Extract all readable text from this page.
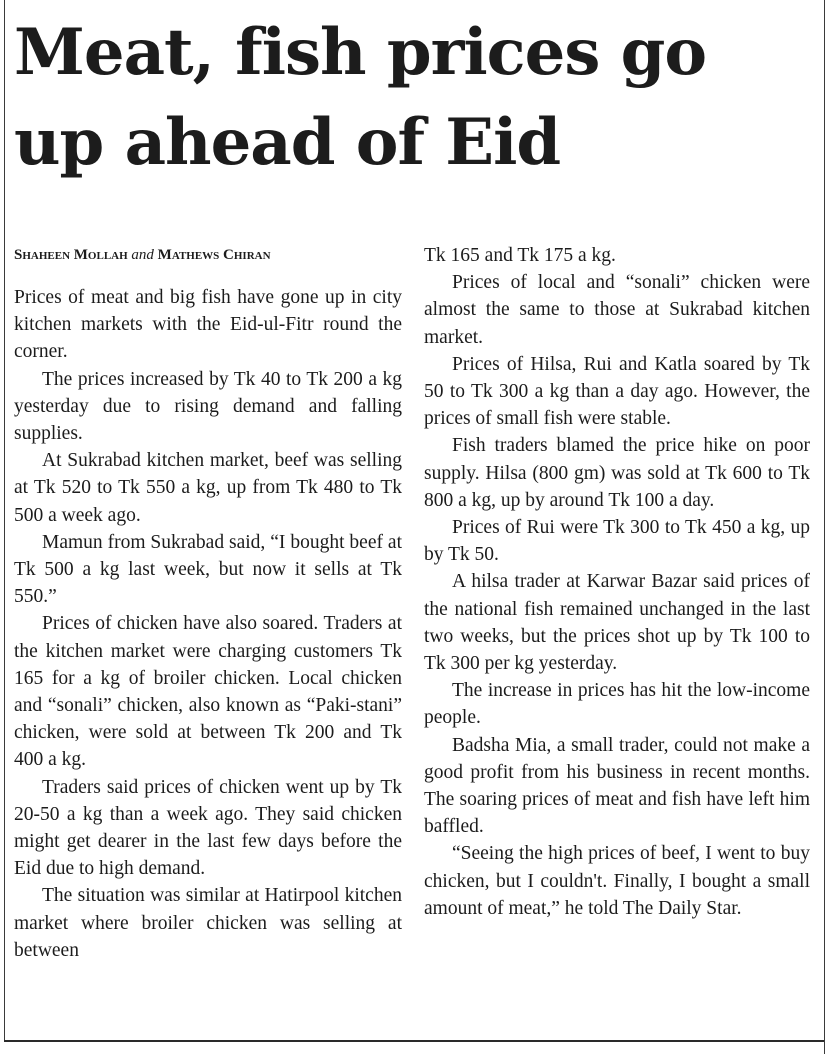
Meat, fish prices go up ahead of Eid
Shaheen Mollah and Mathews Chiran

Prices of meat and big fish have gone up in city kitchen markets with the Eid-ul-Fitr round the corner.

The prices increased by Tk 40 to Tk 200 a kg yesterday due to rising demand and falling supplies.

At Sukrabad kitchen market, beef was selling at Tk 520 to Tk 550 a kg, up from Tk 480 to Tk 500 a week ago.

Mamun from Sukrabad said, “I bought beef at Tk 500 a kg last week, but now it sells at Tk 550.”

Prices of chicken have also soared. Traders at the kitchen market were charging customers Tk 165 for a kg of broiler chicken. Local chicken and “sonali” chicken, also known as “Paki-stani” chicken, were sold at between Tk 200 and Tk 400 a kg.

Traders said prices of chicken went up by Tk 20-50 a kg than a week ago. They said chicken might get dearer in the last few days before the Eid due to high demand.

The situation was similar at Hatirpool kitchen market where broiler chicken was selling at between

Tk 165 and Tk 175 a kg.

Prices of local and “sonali” chicken were almost the same to those at Sukrabad kitchen market.

Prices of Hilsa, Rui and Katla soared by Tk 50 to Tk 300 a kg than a day ago. However, the prices of small fish were stable.

Fish traders blamed the price hike on poor supply. Hilsa (800 gm) was sold at Tk 600 to Tk 800 a kg, up by around Tk 100 a day.

Prices of Rui were Tk 300 to Tk 450 a kg, up by Tk 50.

A hilsa trader at Karwar Bazar said prices of the national fish remained unchanged in the last two weeks, but the prices shot up by Tk 100 to Tk 300 per kg yesterday.

The increase in prices has hit the low-income people.

Badsha Mia, a small trader, could not make a good profit from his business in recent months. The soaring prices of meat and fish have left him baffled.

“Seeing the high prices of beef, I went to buy chicken, but I couldn't. Finally, I bought a small amount of meat,” he told The Daily Star.
